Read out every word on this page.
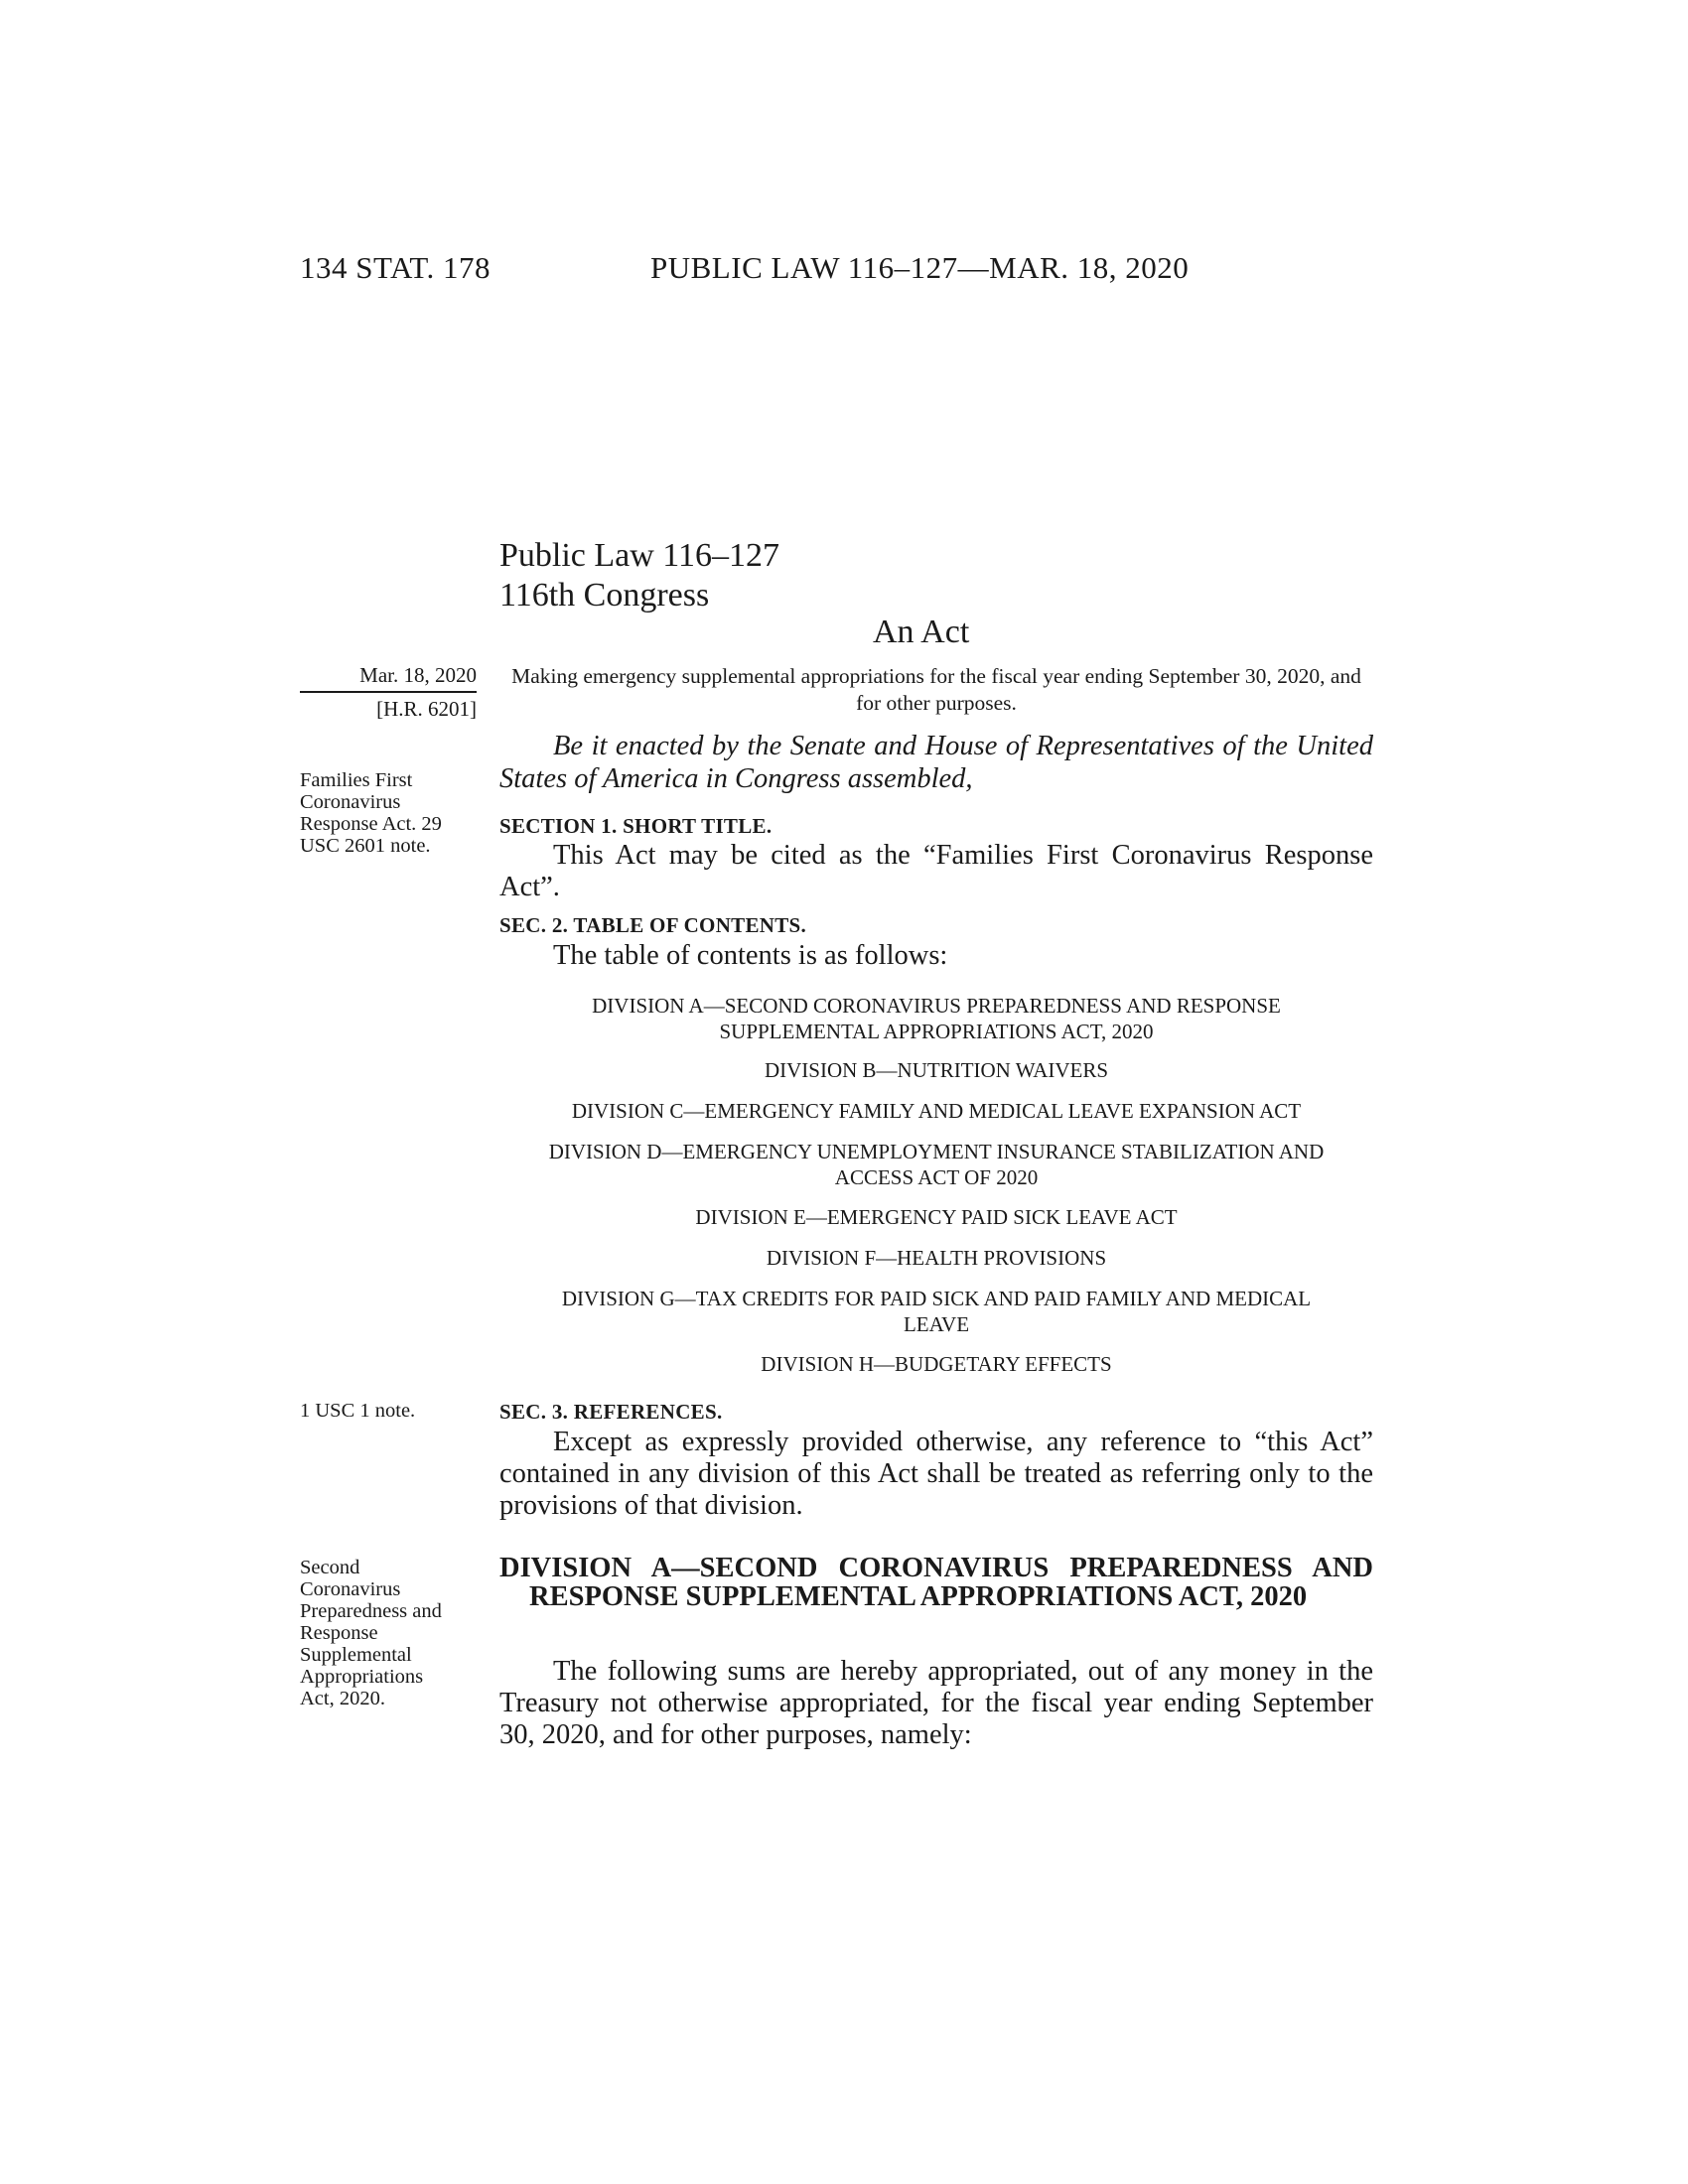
134 STAT. 178	PUBLIC LAW 116–127—MAR. 18, 2020
Public Law 116–127
116th Congress
An Act
Mar. 18, 2020
[H.R. 6201]
Families First Coronavirus Response Act. 29 USC 2601 note.
1 USC 1 note.
Second Coronavirus Preparedness and Response Supplemental Appropriations Act, 2020.
Making emergency supplemental appropriations for the fiscal year ending September 30, 2020, and for other purposes.
Be it enacted by the Senate and House of Representatives of the United States of America in Congress assembled,
SECTION 1. SHORT TITLE.
This Act may be cited as the “Families First Coronavirus Response Act”.
SEC. 2. TABLE OF CONTENTS.
The table of contents is as follows:
DIVISION A—SECOND CORONAVIRUS PREPAREDNESS AND RESPONSE SUPPLEMENTAL APPROPRIATIONS ACT, 2020
DIVISION B—NUTRITION WAIVERS
DIVISION C—EMERGENCY FAMILY AND MEDICAL LEAVE EXPANSION ACT
DIVISION D—EMERGENCY UNEMPLOYMENT INSURANCE STABILIZATION AND ACCESS ACT OF 2020
DIVISION E—EMERGENCY PAID SICK LEAVE ACT
DIVISION F—HEALTH PROVISIONS
DIVISION G—TAX CREDITS FOR PAID SICK AND PAID FAMILY AND MEDICAL LEAVE
DIVISION H—BUDGETARY EFFECTS
SEC. 3. REFERENCES.
Except as expressly provided otherwise, any reference to “this Act” contained in any division of this Act shall be treated as referring only to the provisions of that division.
DIVISION A—SECOND CORONAVIRUS PREPAREDNESS AND RESPONSE SUPPLEMENTAL APPROPRIATIONS ACT, 2020
The following sums are hereby appropriated, out of any money in the Treasury not otherwise appropriated, for the fiscal year ending September 30, 2020, and for other purposes, namely:
